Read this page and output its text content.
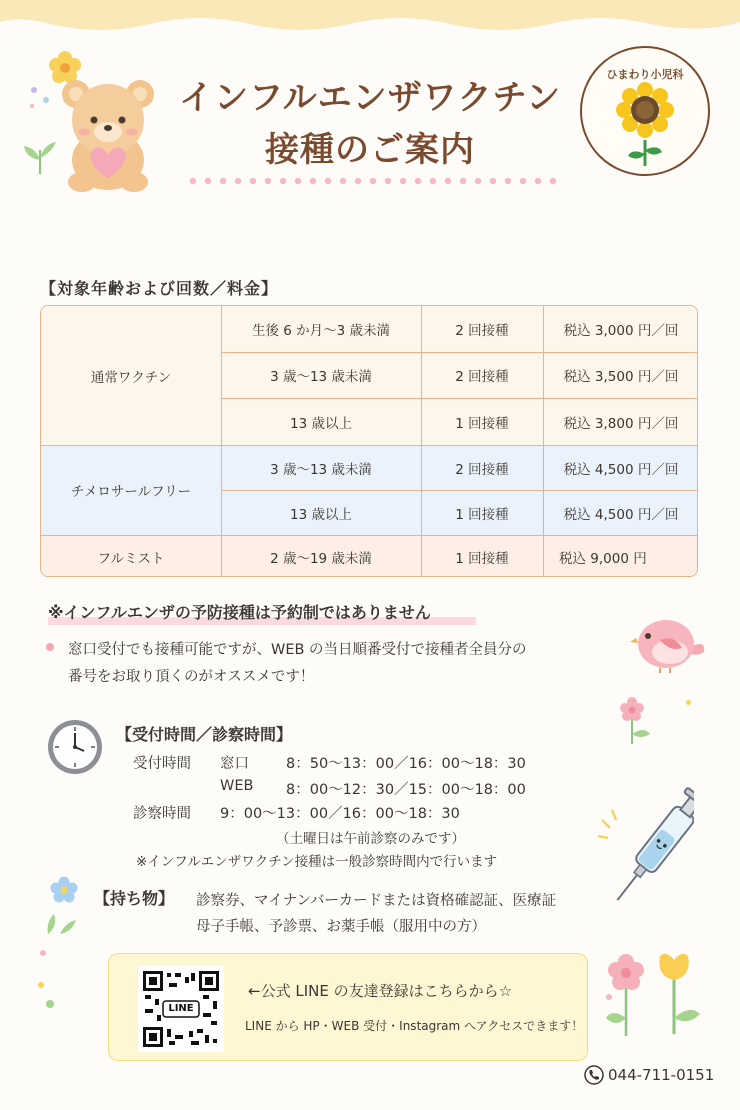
インフルエンザワクチン
接種のご案内
ひまわり小児科
【対象年齢および回数／料金】
通常ワクチン
生後 6 か月～3 歳未満	2 回接種	税込 3,000 円／回
3 歳～13 歳未満	2 回接種	税込 3,500 円／回
13 歳以上	1 回接種	税込 3,800 円／回
チメロサールフリー
3 歳～13 歳未満	2 回接種	税込 4,500 円／回
13 歳以上	1 回接種	税込 4,500 円／回
フルミスト	2 歳～19 歳未満	1 回接種	税込 9,000 円
※インフルエンザの予防接種は予約制ではありません
窓口受付でも接種可能ですが、WEB の当日順番受付で接種者全員分の
番号をお取り頂くのがオススメです！
【受付時間／診察時間】
受付時間 窓口	8：50～13：00／16：00～18：30
WEB 8：00～12：30／15：00～18：00
診察時間 9：00～13：00／16：00～18：30
（土曜日は午前診察のみです）
※インフルエンザワクチン接種は一般診察時間内で行います
【持ち物】 診察券、マイナンバーカードまたは資格確認証、医療証
母子手帳、予診票、お薬手帳（服用中の方）
LINE
←公式 LINE の友達登録はこちらから☆
LINE から HP・WEB 受付・Instagram へアクセスできます！
044-711-0151
